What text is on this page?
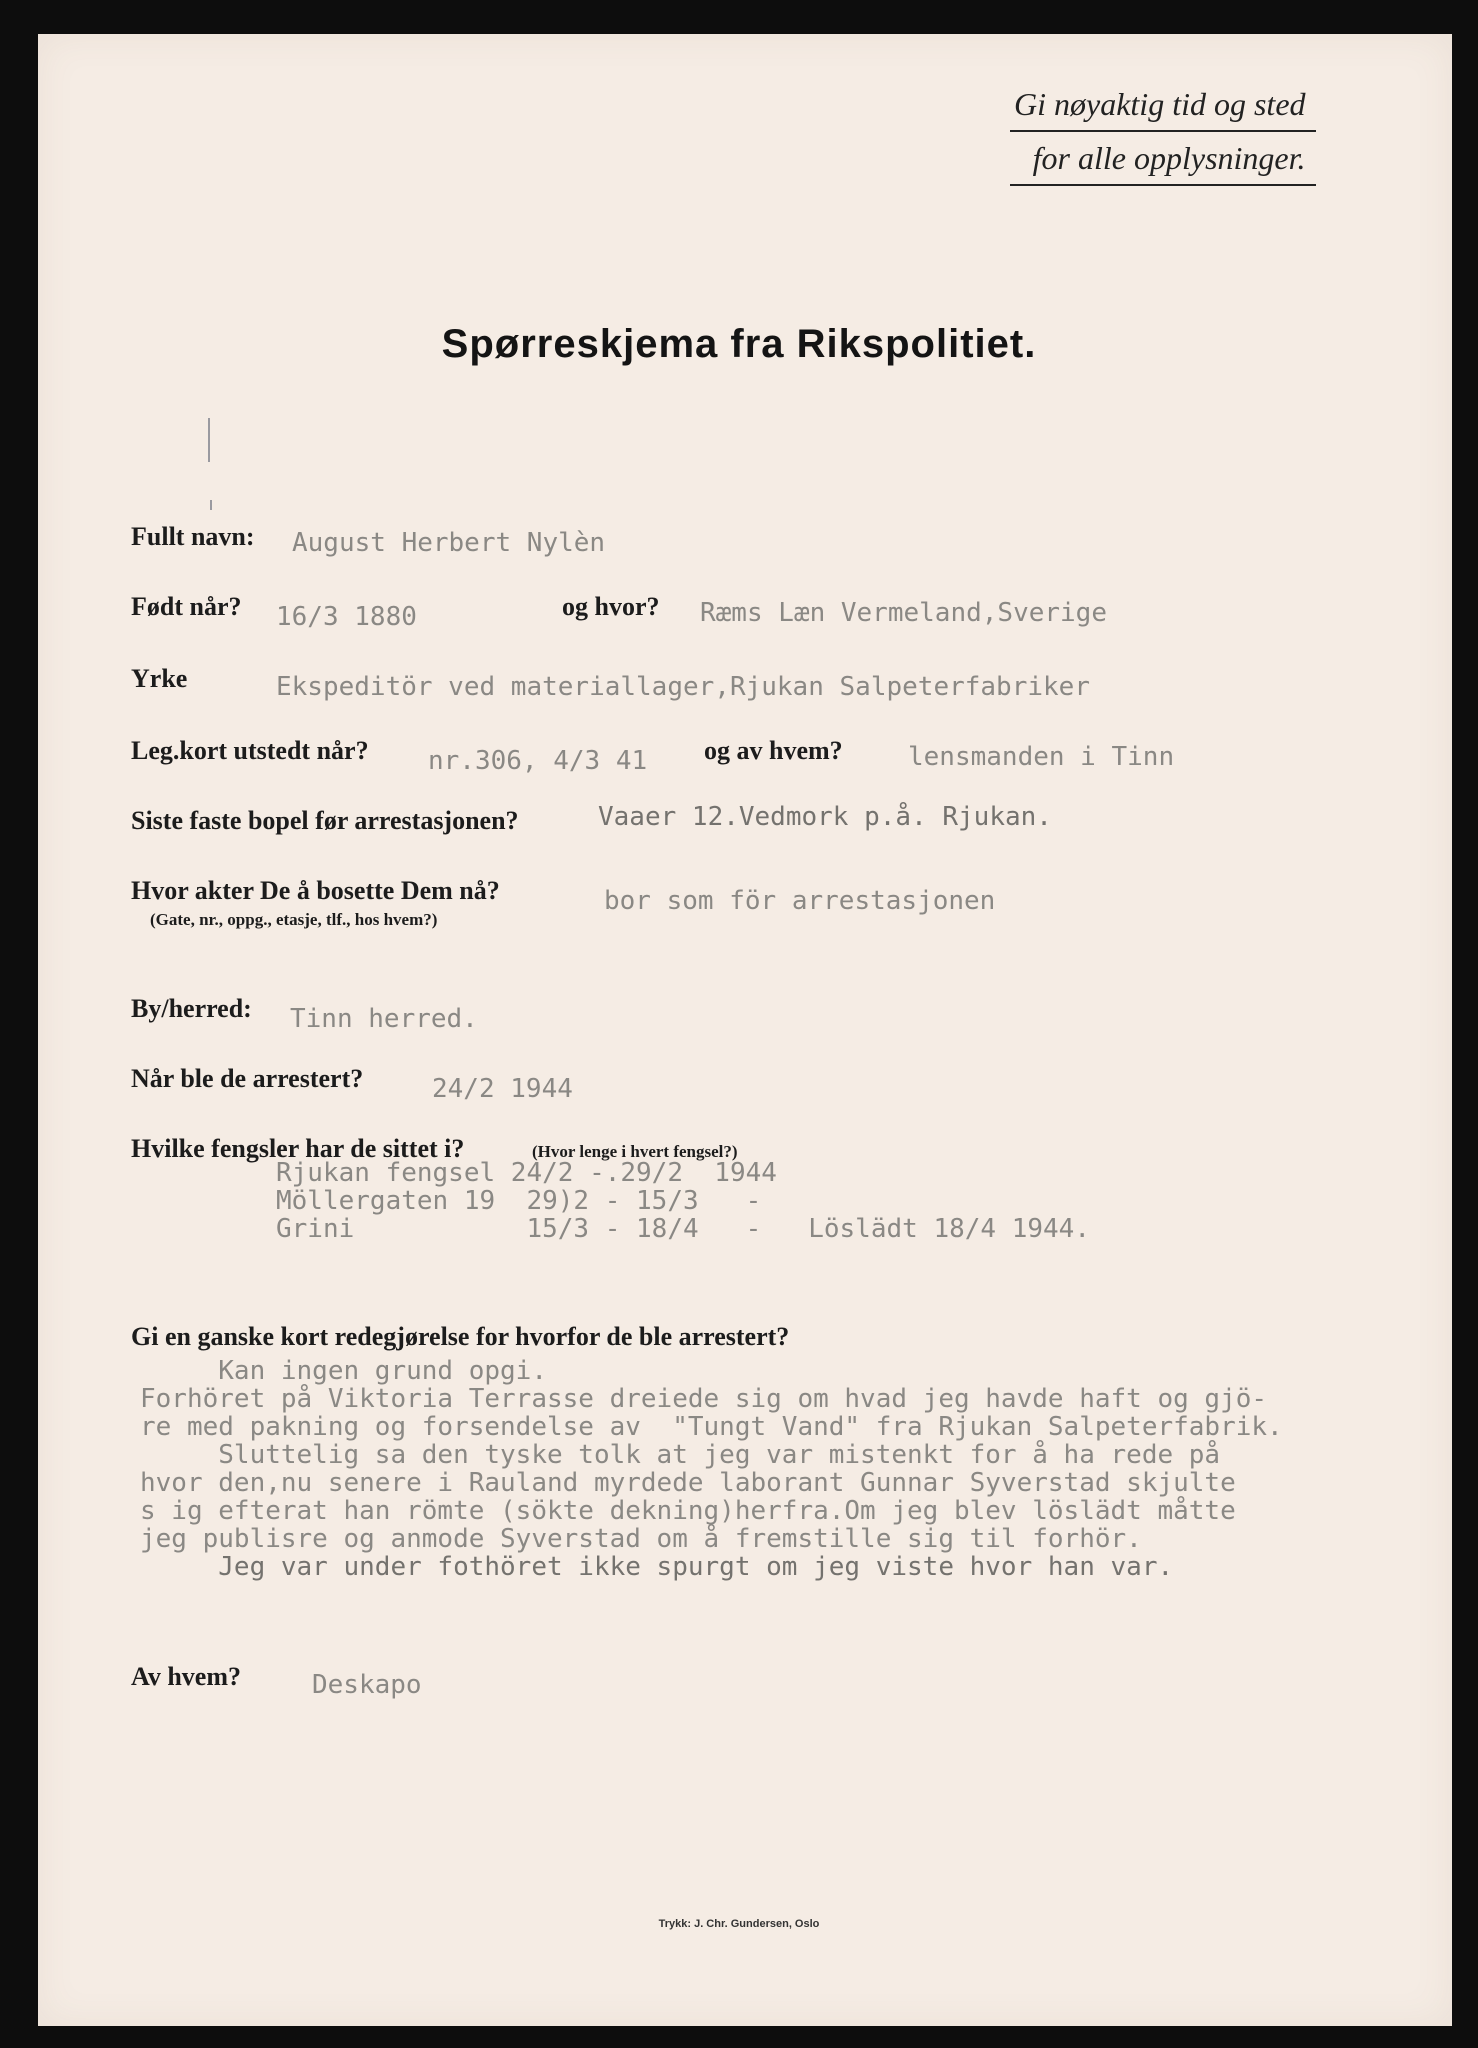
Gi nøyaktig tid og sted
for alle opplysninger.
Spørreskjema fra Rikspolitiet.
Fullt navn: August Herbert Nylèn
Født når? 16/3 1880	og hvor? Ræms Læn Vermeland,Sverige
Yrke	Ekspeditör ved materiallager,Rjukan Salpeterfabriker
Leg.kort utstedt når? nr.306, 4/3 41 og av hvem?	lensmanden i Tinn
Siste faste bopel før arrestasjonen?	Vaaer 12.Vedmork p.å. Rjukan.
Hvor akter De å bosette Dem nå?
(Gate, nr., oppg., etasje, tlf., hos hvem?)
bor som för arrestasjonen
By/herred: Tinn herred.
Når ble de arrestert?	24/2 1944
Hvilke fengsler har de sittet i?	(Hvor lenge i hvert fengsel?)
Rjukan fengsel 24/2 -.29/2  1944
Möllergaten 19  29)2 - 15/3   -
Grini           15/3 - 18/4   -   Löslädt 18/4 1944.
Gi en ganske kort redegjørelse for hvorfor de ble arrestert?
Kan ingen grund opgi.
Forhöret på Viktoria Terrasse dreiede sig om hvad jeg havde haft og gjö-
re med pakning og forsendelse av  "Tungt Vand" fra Rjukan Salpeterfabrik.
Sluttelig sa den tyske tolk at jeg var mistenkt for å ha rede på
hvor den,nu senere i Rauland myrdede laborant Gunnar Syverstad skjulte
s ig efterat han römte (sökte dekning)herfra.Om jeg blev löslädt måtte
jeg publisre og anmode Syverstad om å fremstille sig til forhör.
Jeg var under fothöret ikke spurgt om jeg viste hvor han var.
Av hvem?	Deskapo
Trykk: J. Chr. Gundersen, Oslo
